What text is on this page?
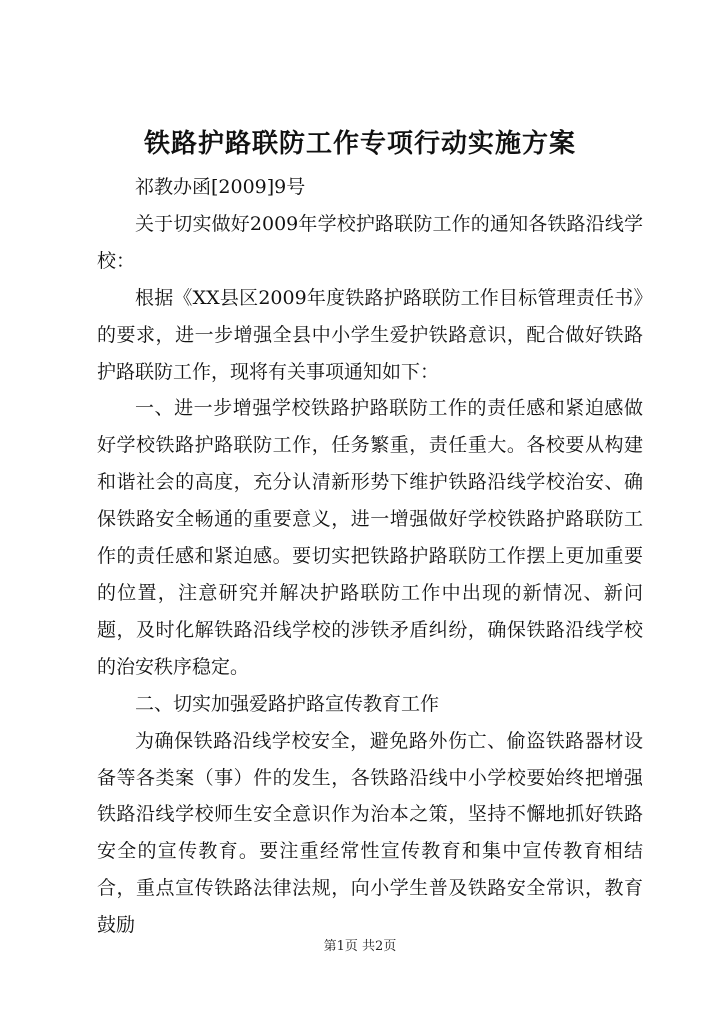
铁路护路联防工作专项行动实施方案

祁教办函[2009]9号

关于切实做好2009年学校护路联防工作的通知各铁路沿线学校：

根据《XX县区2009年度铁路护路联防工作目标管理责任书》的要求，进一步增强全县中小学生爱护铁路意识，配合做好铁路护路联防工作，现将有关事项通知如下：

一、进一步增强学校铁路护路联防工作的责任感和紧迫感做好学校铁路护路联防工作，任务繁重，责任重大。各校要从构建和谐社会的高度，充分认清新形势下维护铁路沿线学校治安、确保铁路安全畅通的重要意义，进一增强做好学校铁路护路联防工作的责任感和紧迫感。要切实把铁路护路联防工作摆上更加重要的位置，注意研究并解决护路联防工作中出现的新情况、新问题，及时化解铁路沿线学校的涉铁矛盾纠纷，确保铁路沿线学校的治安秩序稳定。

二、切实加强爱路护路宣传教育工作

为确保铁路沿线学校安全，避免路外伤亡、偷盗铁路器材设备等各类案（事）件的发生，各铁路沿线中小学校要始终把增强铁路沿线学校师生安全意识作为治本之策，坚持不懈地抓好铁路安全的宣传教育。要注重经常性宣传教育和集中宣传教育相结合，重点宣传铁路法律法规，向小学生普及铁路安全常识，教育鼓励

第1页 共2页
